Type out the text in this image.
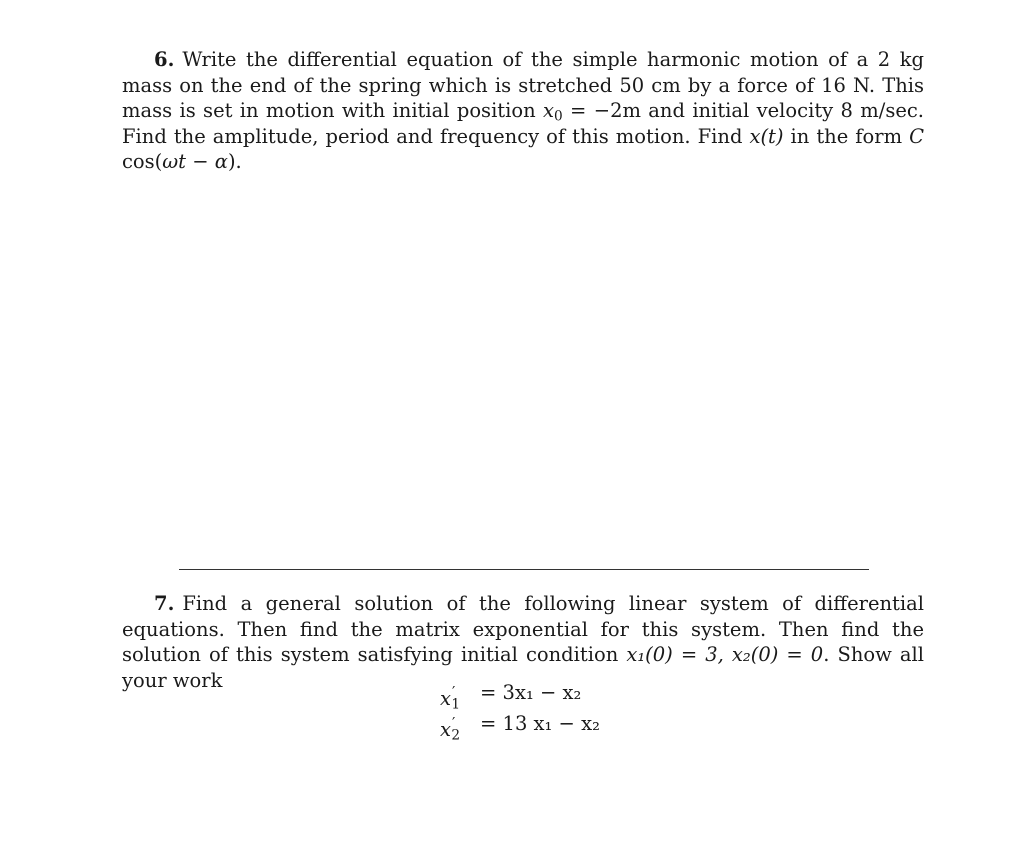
6. Write the differential equation of the simple harmonic motion of a 2 kg mass on the end of the spring which is stretched 50 cm by a force of 16 N. This mass is set in motion with initial position $x_0 = -2m$ and initial velocity 8 m/sec. Find the amplitude, period and frequency of this motion. Find x(t) in the form C cos(ωt − α).

7. Find a general solution of the following linear system of differential equations. Then find the matrix exponential for this system. Then find the solution of this system satisfying initial condition x₁(0) = 3, x₂(0) = 0. Show all your work

$x'_1$
= 3x₁ − x₂
$x'_2$
= 13 x₁ − x₂
